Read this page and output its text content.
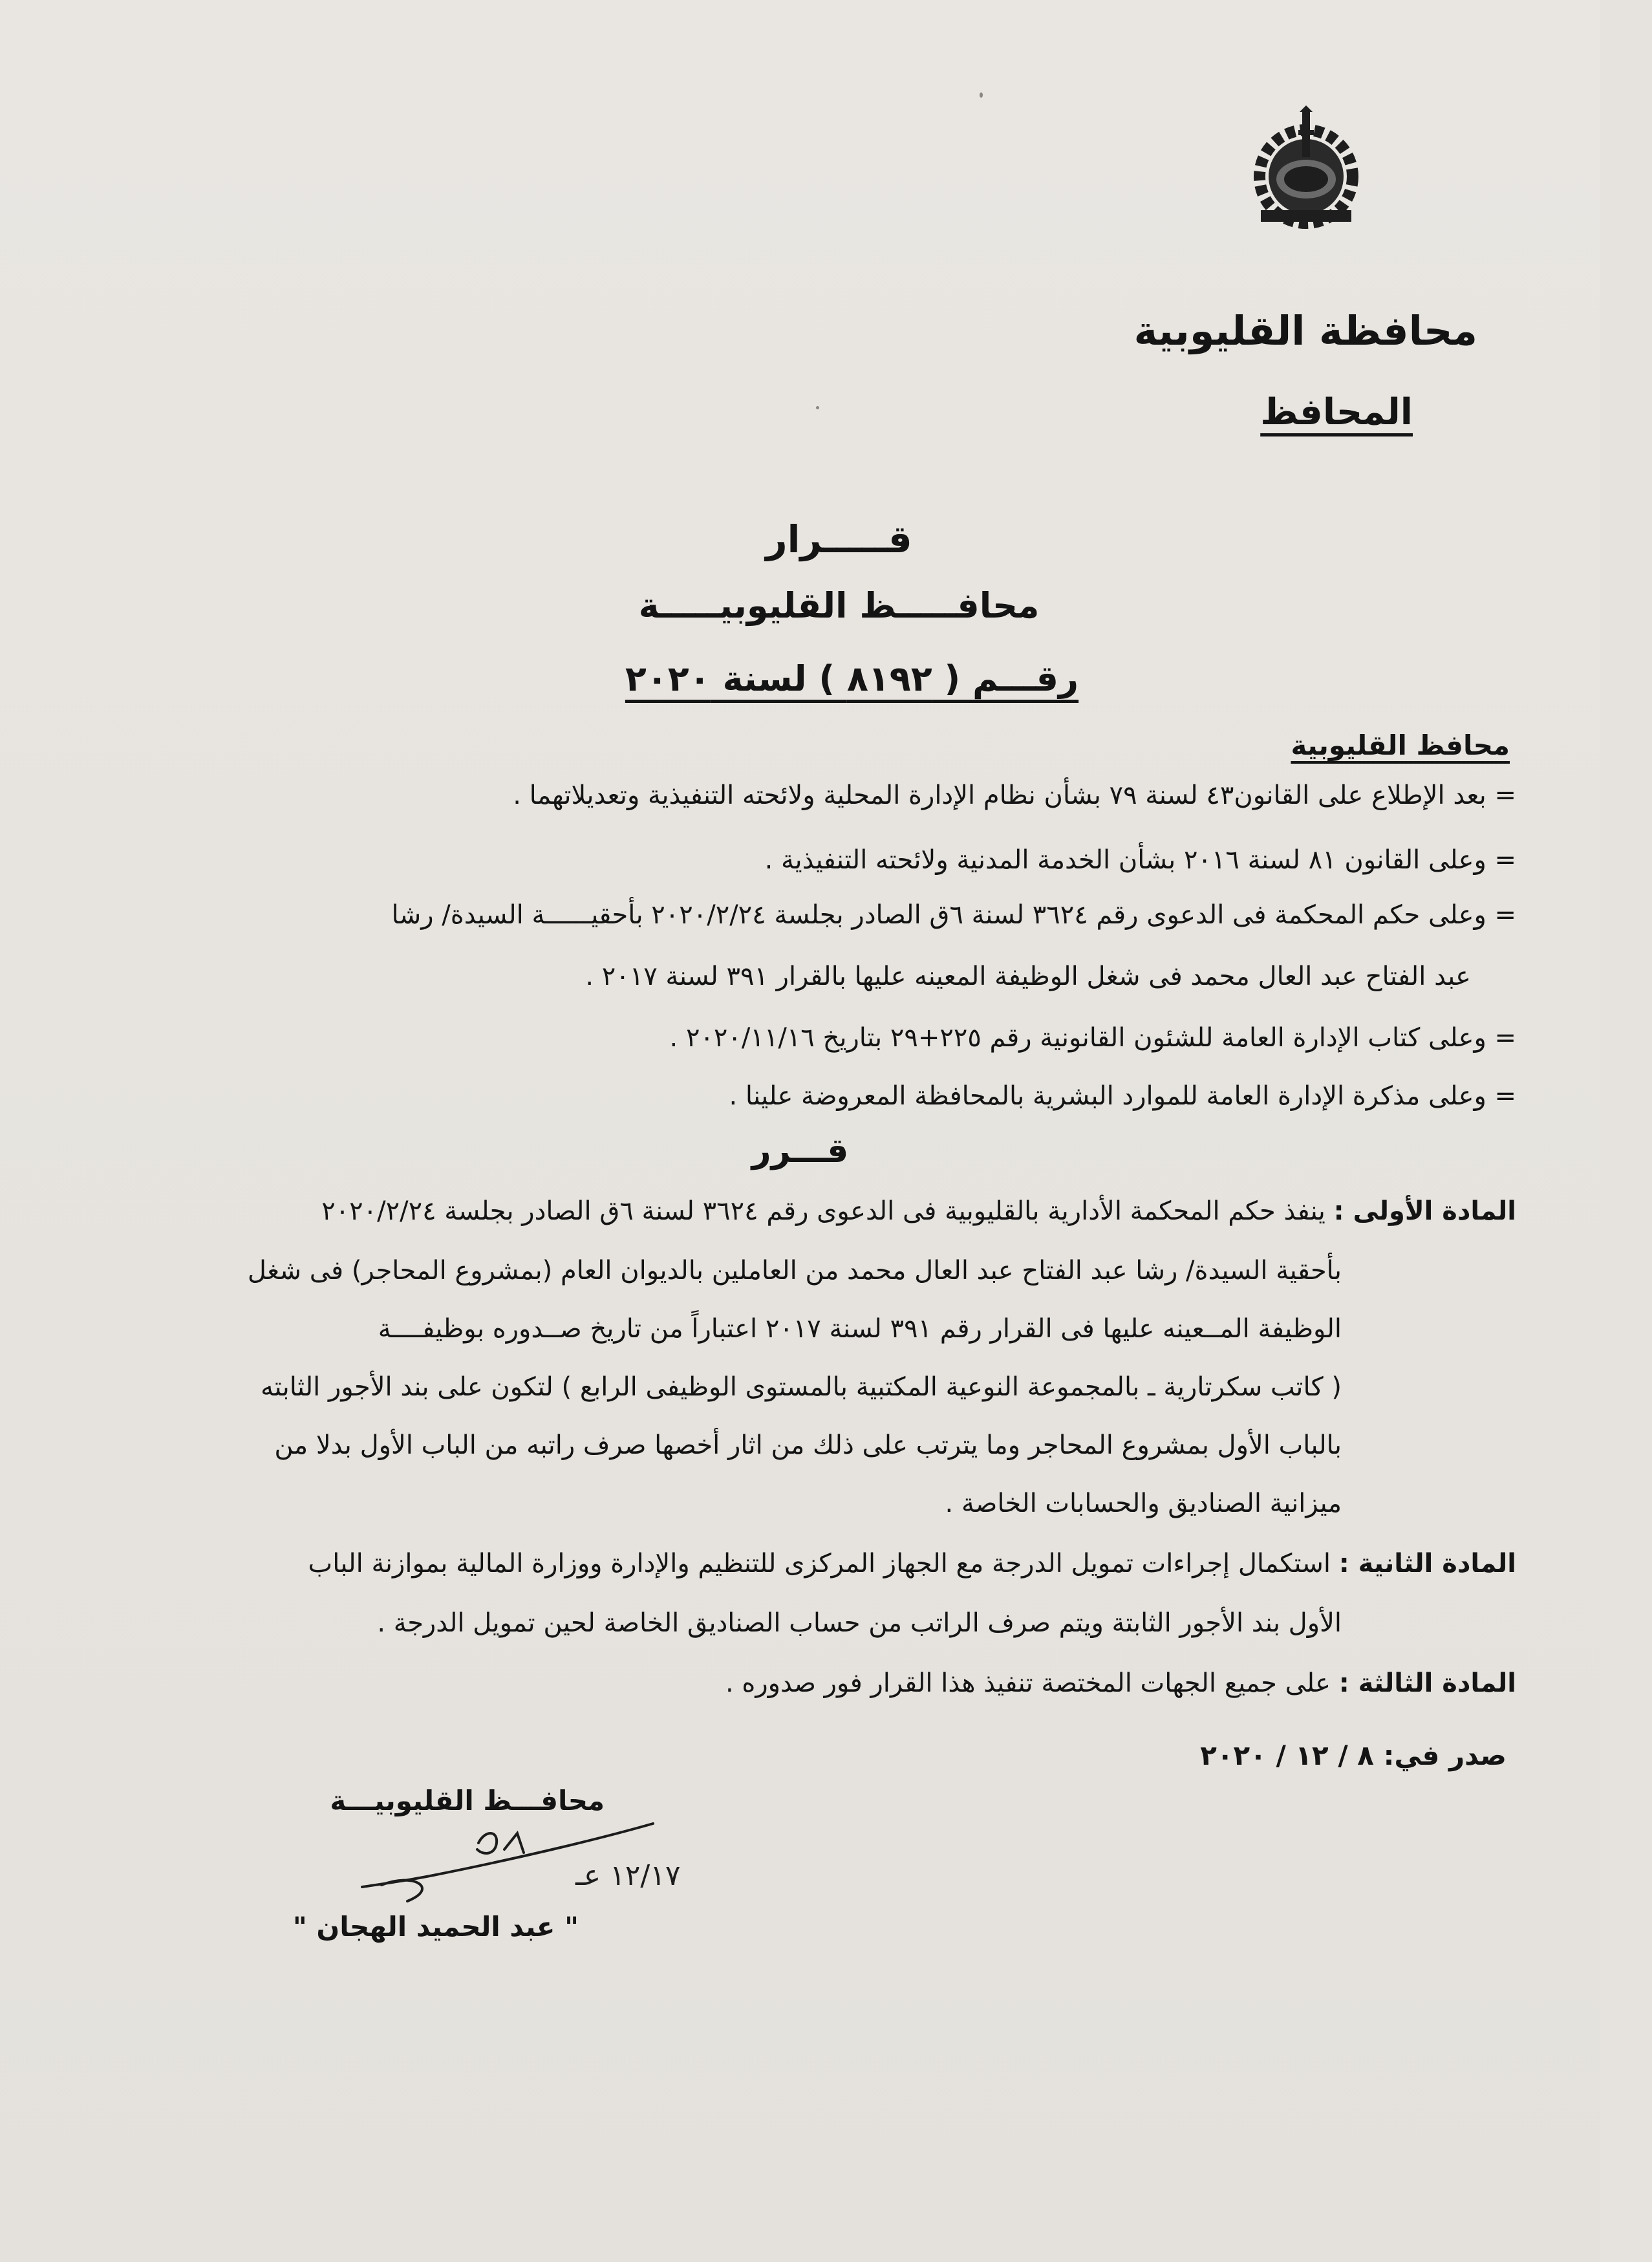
محافظة القليوبية
المحافظ
قـــــرار
محافـــــظ القليوبيـــــة
رقـــم ( ٨١٩٢ ) لسنة ٢٠٢٠
محافظ القليوبية
= بعد الإطلاع على القانون٤٣ لسنة ٧٩ بشأن نظام الإدارة المحلية ولائحته التنفيذية وتعديلاتهما .
= وعلى القانون ٨١ لسنة ٢٠١٦ بشأن الخدمة المدنية ولائحته التنفيذية .
= وعلى حكم المحكمة فى الدعوى رقم ٣٦٢٤ لسنة ٦ق الصادر بجلسة ٢٠٢٠/٢/٢٤ بأحقيــــــة السيدة/ رشا
عبد الفتاح عبد العال محمد فى شغل الوظيفة المعينه عليها بالقرار ٣٩١ لسنة ٢٠١٧ .
= وعلى كتاب الإدارة العامة للشئون القانونية رقم ٢٢٥+٢٩ بتاريخ ٢٠٢٠/١١/١٦ .
= وعلى مذكرة الإدارة العامة للموارد البشرية بالمحافظة المعروضة علينا .
قـــرر
المادة الأولى : ينفذ حكم المحكمة الأدارية بالقليوبية فى الدعوى رقم ٣٦٢٤ لسنة ٦ق الصادر بجلسة ٢٠٢٠/٢/٢٤
بأحقية السيدة/ رشا عبد الفتاح عبد العال محمد من العاملين بالديوان العام (بمشروع المحاجر) فى شغل
الوظيفة المــعينه عليها فى القرار رقم ٣٩١ لسنة ٢٠١٧ اعتباراً من تاريخ صــدوره بوظيفــــة
( كاتب سكرتارية ـ بالمجموعة النوعية المكتبية بالمستوى الوظيفى الرابع ) لتكون على بند الأجور الثابته
بالباب الأول بمشروع المحاجر وما يترتب على ذلك من اثار أخصها صرف راتبه من الباب الأول بدلا من
ميزانية الصناديق والحسابات الخاصة .
المادة الثانية : استكمال إجراءات تمويل الدرجة مع الجهاز المركزى للتنظيم والإدارة ووزارة المالية بموازنة الباب
الأول بند الأجور الثابتة ويتم صرف الراتب من حساب الصناديق الخاصة لحين تمويل الدرجة .
المادة الثالثة : على جميع الجهات المختصة تنفيذ هذا القرار فور صدوره .
صدر في: ٨ / ١٢ / ٢٠٢٠
محافـــظ القليوبيـــة
١٢/١٧ عـ
" عبد الحميد الهجان "
